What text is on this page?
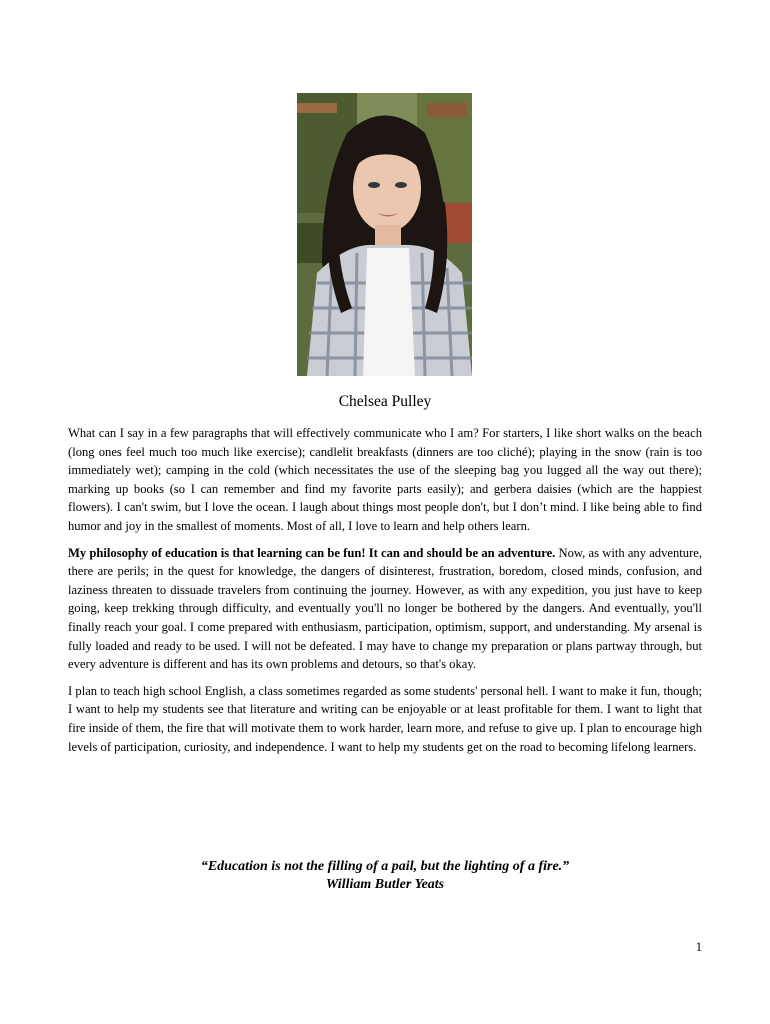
Chelsea Pulley

What can I say in a few paragraphs that will effectively communicate who I am? For starters, I like short walks on the beach (long ones feel much too much like exercise); candlelit breakfasts (dinners are too cliché); playing in the snow (rain is too immediately wet); camping in the cold (which necessitates the use of the sleeping bag you lugged all the way out there); marking up books (so I can remember and find my favorite parts easily); and gerbera daisies (which are the happiest flowers). I can't swim, but I love the ocean. I laugh about things most people don't, but I don’t mind. I like being able to find humor and joy in the smallest of moments. Most of all, I love to learn and help others learn.

My philosophy of education is that learning can be fun! It can and should be an adventure. Now, as with any adventure, there are perils; in the quest for knowledge, the dangers of disinterest, frustration, boredom, closed minds, confusion, and laziness threaten to dissuade travelers from continuing the journey. However, as with any expedition, you just have to keep going, keep trekking through difficulty, and eventually you'll no longer be bothered by the dangers. And eventually, you'll finally reach your goal. I come prepared with enthusiasm, participation, optimism, support, and understanding. My arsenal is fully loaded and ready to be used. I will not be defeated. I may have to change my preparation or plans partway through, but every adventure is different and has its own problems and detours, so that's okay.

I plan to teach high school English, a class sometimes regarded as some students' personal hell. I want to make it fun, though; I want to help my students see that literature and writing can be enjoyable or at least profitable for them. I want to light that fire inside of them, the fire that will motivate them to work harder, learn more, and refuse to give up. I plan to encourage high levels of participation, curiosity, and independence. I want to help my students get on the road to becoming lifelong learners.

“Education is not the filling of a pail, but the lighting of a fire.”
William Butler Yeats
1
